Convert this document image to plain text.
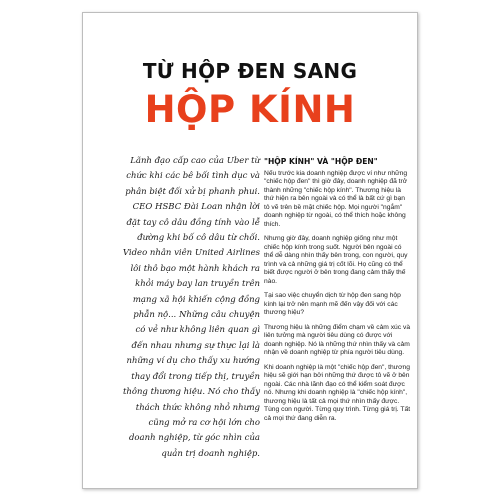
TỪ HỘP ĐEN SANG
HỘP KÍNH
Lãnh đạo cấp cao của Uber từ
chức khi các bê bối tình dục và
phân biệt đối xử bị phanh phui.
CEO HSBC Đài Loan nhận lời
đặt tay cô dâu đồng tính vào lễ
đường khi bố cô dâu từ chối.
Video nhân viên United Airlines
lôi thô bạo một hành khách ra
khỏi máy bay lan truyền trên
mạng xã hội khiến cộng đồng
phẫn nộ... Những câu chuyện
có vẻ như không liên quan gì
đến nhau nhưng sự thực lại là
những ví dụ cho thấy xu hướng
thay đổi trong tiếp thị, truyền
thông thương hiệu. Nó cho thấy
thách thức không nhỏ nhưng
cũng mở ra cơ hội lớn cho
doanh nghiệp, từ góc nhìn của
quản trị doanh nghiệp.
"HỘP KÍNH" VÀ "HỘP ĐEN"

Nếu trước kia doanh nghiệp được ví như những "chiếc hộp đen" thì giờ đây, doanh nghiệp đã trở thành những "chiếc hộp kính". Thương hiệu là thứ hiện ra bên ngoài và có thể là bất cứ gì bạn tô vẽ trên bề mặt chiếc hộp. Mọi người "ngắm" doanh nghiệp từ ngoài, có thể thích hoặc không thích.

Nhưng giờ đây, doanh nghiệp giống như một chiếc hộp kính trong suốt. Người bên ngoài có thể dễ dàng nhìn thấy bên trong, con người, quy trình và cả những giá trị cốt lõi. Họ cũng có thể biết được người ở bên trong đang cảm thấy thế nào.

Tại sao việc chuyển dịch từ hộp đen sang hộp kính lại trở nên mạnh mẽ đến vậy đối với các thương hiệu?

Thương hiệu là những điểm chạm về cảm xúc và liên tưởng mà người tiêu dùng có được với doanh nghiệp. Nó là những thứ nhìn thấy và cảm nhận về doanh nghiệp từ phía người tiêu dùng.

Khi doanh nghiệp là một "chiếc hộp đen", thương hiệu sẽ giới hạn bởi những thứ được tô vẽ ở bên ngoài. Các nhà lãnh đạo có thể kiểm soát được nó. Nhưng khi doanh nghiệp là "chiếc hộp kính", thương hiệu là tất cả mọi thứ nhìn thấy được. Tùng con người. Từng quy trình. Từng giá trị. Tất cả mọi thứ đang diễn ra.
